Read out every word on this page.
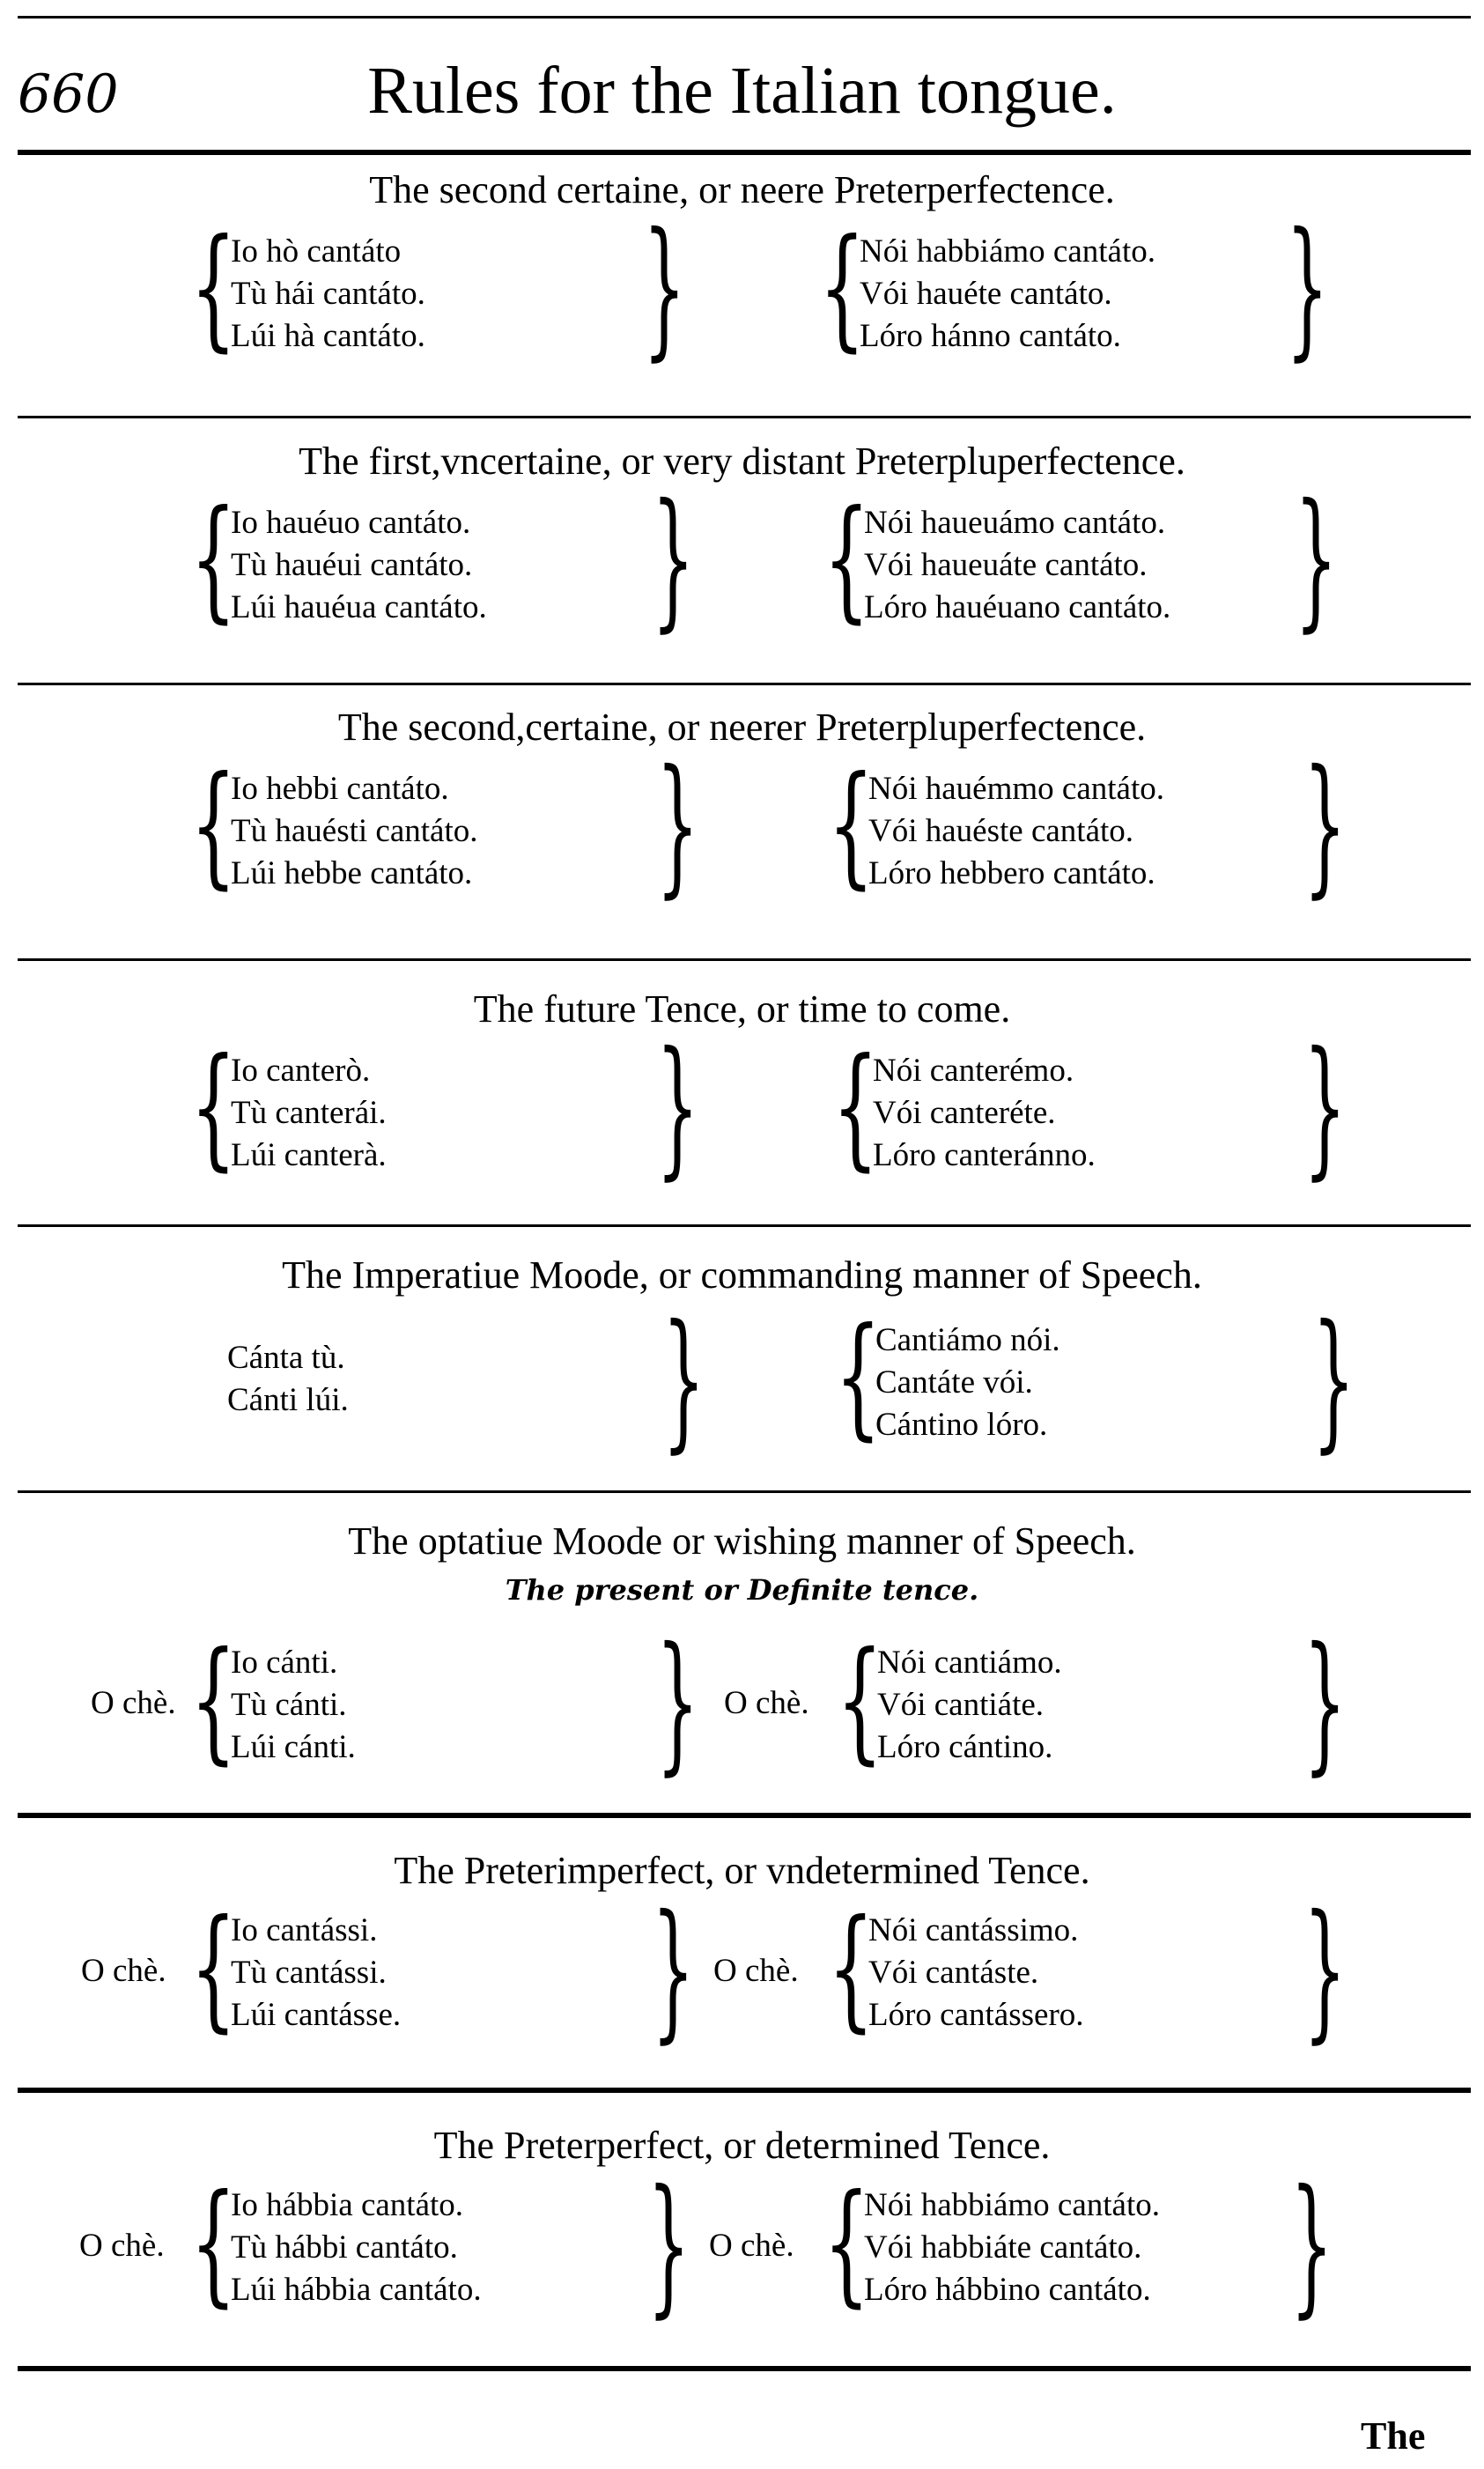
660	Rules for the Italian tongue.
The second certaine, or neere Preterperfectence.
{
Io hò cantáto
Tù hái cantáto.
Lúi hà cantáto. } {
Nói habbiámo cantáto.
Vói hauéte cantáto.
Lóro hánno cantáto. }
The first,vncertaine, or very distant Preterpluperfectence.
{
Io hauéuo cantáto.
Tù hauéui cantáto.
Lúi hauéua cantáto. } {
Nói haueuámo cantáto.
Vói haueuáte cantáto.
Lóro hauéuano cantáto. }
The second,certaine, or neerer Preterpluperfectence.
{
Io hebbi cantáto.
Tù hauésti cantáto.
Lúi hebbe cantáto. } {
Nói hauémmo cantáto.
Vói hauéste cantáto.
Lóro hebbero cantáto. }
The future Tence, or time to come.
{
Io canterò.
Tù canterái.
Lúi canterà. } {
Nói canterémo.
Vói canteréte.
Lóro canteránno. }
The Imperatiue Moode, or commanding manner of Speech.
Cánta tù.
Cánti lúi. } {
Cantiámo nói.
Cantáte vói.
Cántino lóro. }
The optatiue Moode or wishing manner of Speech.
The present or Definite tence.
O chè. {
Io cánti.
Tù cánti.
Lúi cánti. } O chè. {
Nói cantiámo.
Vói cantiáte.
Lóro cántino. }
The Preterimperfect, or vndetermined Tence.
O chè. {
Io cantássi.
Tù cantássi.
Lúi cantásse. } O chè. {
Nói cantássimo.
Vói cantáste.
Lóro cantássero. }
The Preterperfect, or determined Tence.
O chè. {
Io hábbia cantáto.
Tù hábbi cantáto.
Lúi hábbia cantáto. } O chè. {
Nói habbiámo cantáto.
Vói habbiáte cantáto.
Lóro hábbino cantáto. }
The
